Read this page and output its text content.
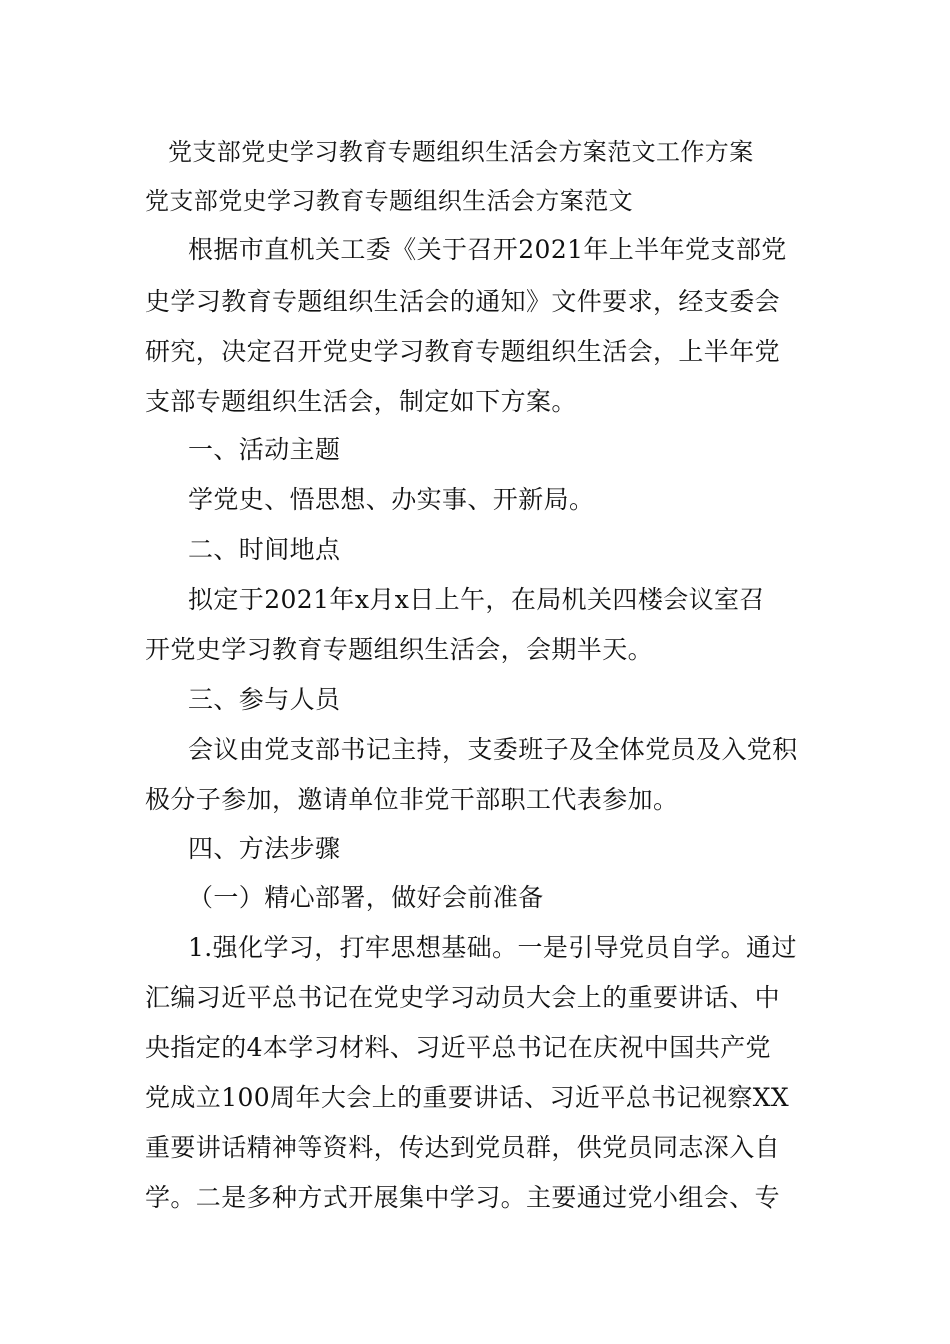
党支部党史学习教育专题组织生活会方案范文工作方案
党支部党史学习教育专题组织生活会方案范文
根据市直机关工委《关于召开2021年上半年党支部党
史学习教育专题组织生活会的通知》文件要求，经支委会
研究，决定召开党史学习教育专题组织生活会，上半年党
支部专题组织生活会，制定如下方案。
一、活动主题
学党史、悟思想、办实事、开新局。
二、时间地点
拟定于2021年x月x日上午，在局机关四楼会议室召
开党史学习教育专题组织生活会，会期半天。
三、参与人员
会议由党支部书记主持，支委班子及全体党员及入党积
极分子参加，邀请单位非党干部职工代表参加。
四、方法步骤
（一）精心部署，做好会前准备
1.强化学习，打牢思想基础。一是引导党员自学。通过
汇编习近平总书记在党史学习动员大会上的重要讲话、中
央指定的4本学习材料、习近平总书记在庆祝中国共产党
党成立100周年大会上的重要讲话、习近平总书记视察XX
重要讲话精神等资料，传达到党员群，供党员同志深入自
学。二是多种方式开展集中学习。主要通过党小组会、专
